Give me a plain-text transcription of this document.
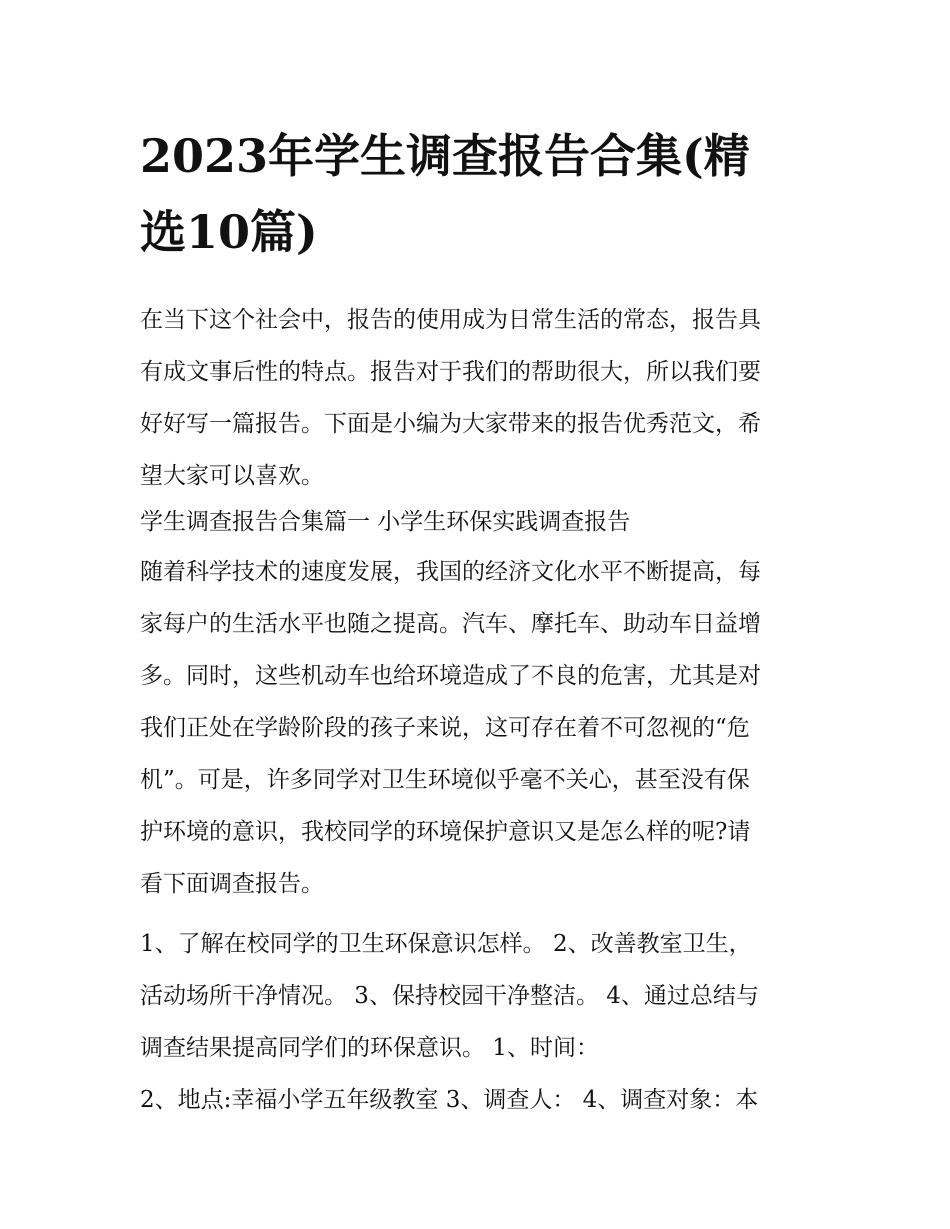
2023年学生调查报告合集(精
选10篇)
在当下这个社会中，报告的使用成为日常生活的常态，报告具
有成文事后性的特点。报告对于我们的帮助很大，所以我们要
好好写一篇报告。下面是小编为大家带来的报告优秀范文，希
望大家可以喜欢。

学生调查报告合集篇一 小学生环保实践调查报告

随着科学技术的速度发展，我国的经济文化水平不断提高，每
家每户的生活水平也随之提高。汽车、摩托车、助动车日益增
多。同时，这些机动车也给环境造成了不良的危害，尤其是对
我们正处在学龄阶段的孩子来说，这可存在着不可忽视的“危
机”。可是，许多同学对卫生环境似乎毫不关心，甚至没有保
护环境的意识，我校同学的环境保护意识又是怎么样的呢?请
看下面调查报告。
1、了解在校同学的卫生环保意识怎样。 2、改善教室卫生，
活动场所干净情况。 3、保持校园干净整洁。 4、通过总结与
调查结果提高同学们的环保意识。 1、时间：

2、地点:幸福小学五年级教室 3、调查人： 4、调查对象：本
